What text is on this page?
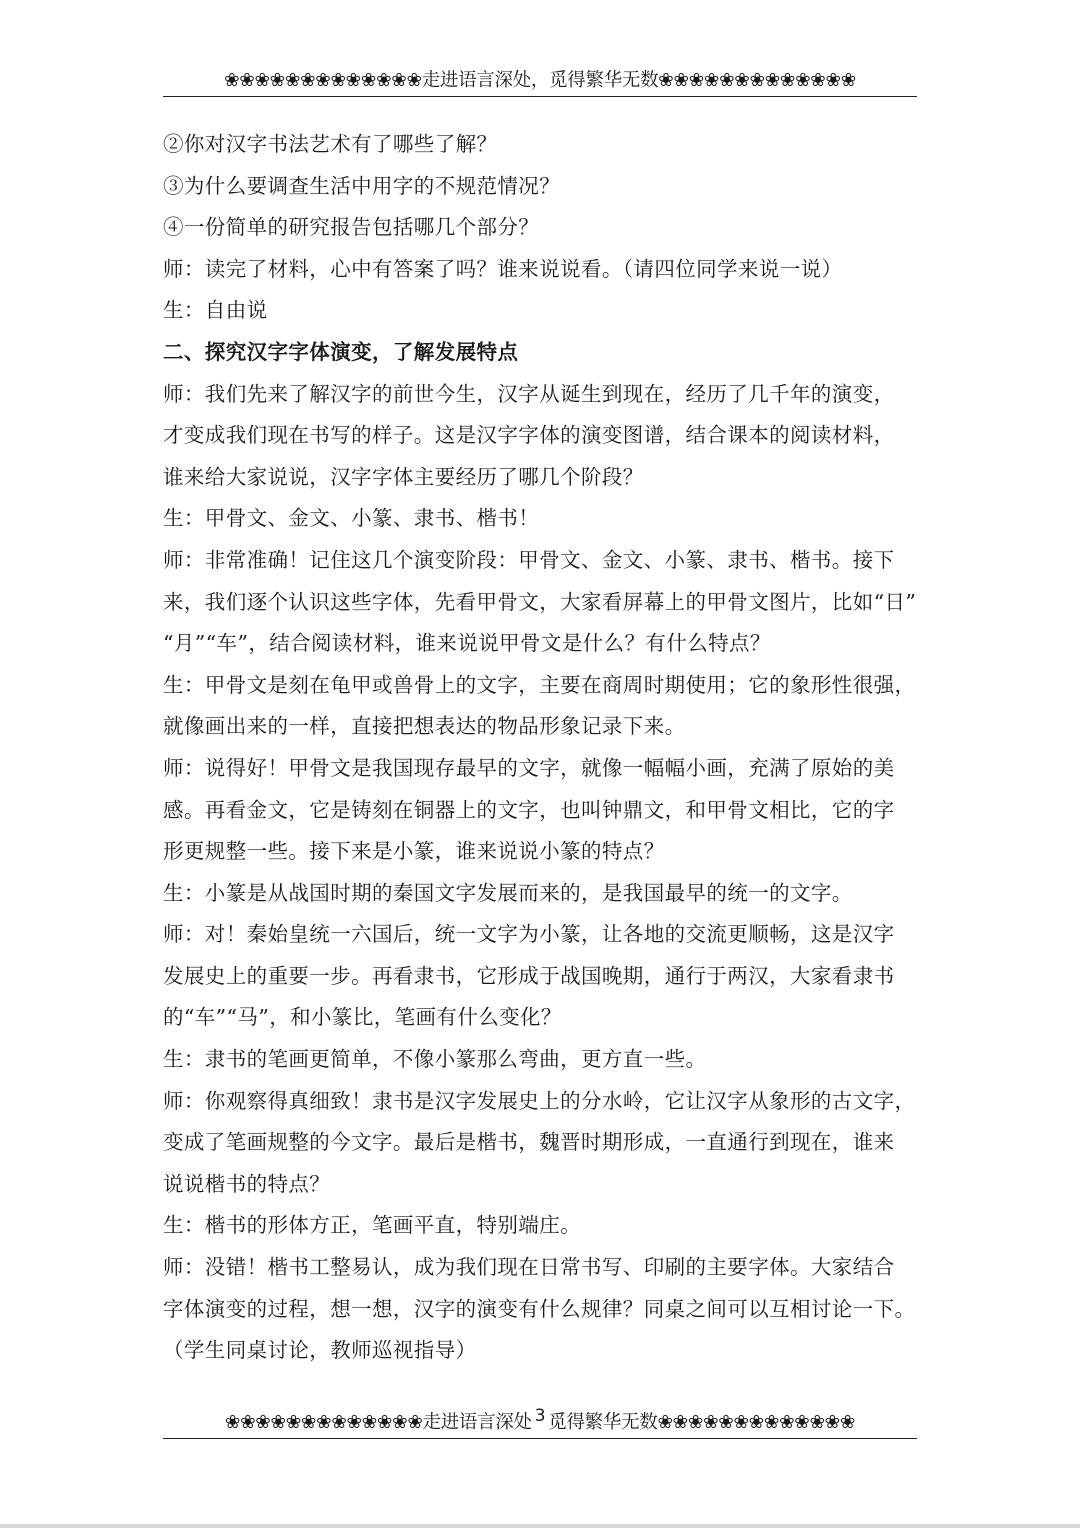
❀❀❀❀❀❀❀❀❀❀❀❀❀走进语言深处，觅得繁华无数❀❀❀❀❀❀❀❀❀❀❀❀❀
②你对汉字书法艺术有了哪些了解？
③为什么要调查生活中用字的不规范情况？
④一份简单的研究报告包括哪几个部分？
师：读完了材料，心中有答案了吗？谁来说说看。（请四位同学来说一说）
生：自由说
二、探究汉字字体演变，了解发展特点
师：我们先来了解汉字的前世今生，汉字从诞生到现在，经历了几千年的演变，
才变成我们现在书写的样子。这是汉字字体的演变图谱，结合课本的阅读材料，
谁来给大家说说，汉字字体主要经历了哪几个阶段？
生：甲骨文、金文、小篆、隶书、楷书！
师：非常准确！记住这几个演变阶段：甲骨文、金文、小篆、隶书、楷书。接下
来，我们逐个认识这些字体，先看甲骨文，大家看屏幕上的甲骨文图片，比如“日”
“月”“车”，结合阅读材料，谁来说说甲骨文是什么？有什么特点？
生：甲骨文是刻在龟甲或兽骨上的文字，主要在商周时期使用；它的象形性很强，
就像画出来的一样，直接把想表达的物品形象记录下来。
师：说得好！甲骨文是我国现存最早的文字，就像一幅幅小画，充满了原始的美
感。再看金文，它是铸刻在铜器上的文字，也叫钟鼎文，和甲骨文相比，它的字
形更规整一些。接下来是小篆，谁来说说小篆的特点？
生：小篆是从战国时期的秦国文字发展而来的，是我国最早的统一的文字。
师：对！秦始皇统一六国后，统一文字为小篆，让各地的交流更顺畅，这是汉字
发展史上的重要一步。再看隶书，它形成于战国晚期，通行于两汉，大家看隶书
的“车”“马”，和小篆比，笔画有什么变化？
生：隶书的笔画更简单，不像小篆那么弯曲，更方直一些。
师：你观察得真细致！隶书是汉字发展史上的分水岭，它让汉字从象形的古文字，
变成了笔画规整的今文字。最后是楷书，魏晋时期形成，一直通行到现在，谁来
说说楷书的特点？
生：楷书的形体方正，笔画平直，特别端庄。
师：没错！楷书工整易认，成为我们现在日常书写、印刷的主要字体。大家结合
字体演变的过程，想一想，汉字的演变有什么规律？同桌之间可以互相讨论一下。
（学生同桌讨论，教师巡视指导）
❀❀❀❀❀❀❀❀❀❀❀❀❀走进语言深处 3 觅得繁华无数❀❀❀❀❀❀❀❀❀❀❀❀❀
